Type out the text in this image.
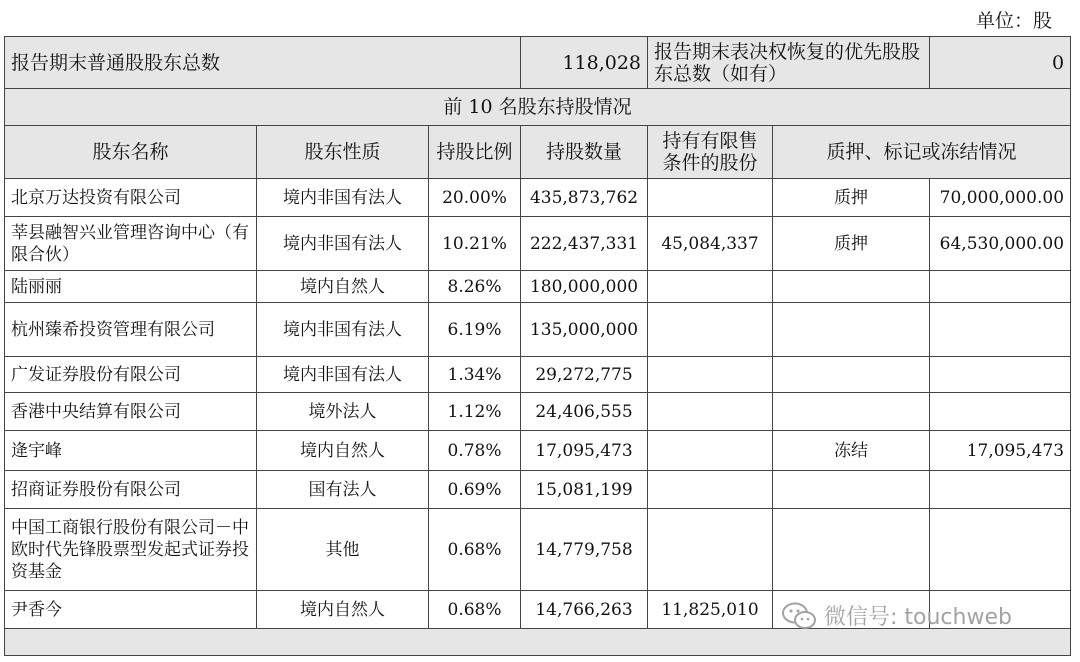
单位：股
报告期末普通股股东总数			118,028	报告期末表决权恢复的优先股股东总数（如有）		0
前 10 名股东持股情况						
股东名称	股东性质	持股比例	持股数量	持有有限售条件的股份	质押、标记或冻结情况	
北京万达投资有限公司	境内非国有法人	20.00%	435,873,762		质押	70,000,000.00
莘县融智兴业管理咨询中心（有限合伙）	境内非国有法人	10.21%	222,437,331	45,084,337	质押	64,530,000.00
陆丽丽	境内自然人	8.26%	180,000,000			
杭州臻希投资管理有限公司	境内非国有法人	6.19%	135,000,000			
广发证券股份有限公司	境内非国有法人	1.34%	29,272,775			
香港中央结算有限公司	境外法人	1.12%	24,406,555			
逄宇峰	境内自然人	0.78%	17,095,473		冻结	17,095,473
招商证券股份有限公司	国有法人	0.69%	15,081,199			
中国工商银行股份有限公司－中欧时代先锋股票型发起式证券投资基金	其他	0.68%	14,779,758			
尹香今	境内自然人	0.68%	14,766,263	11,825,010			微信号: touchweb
